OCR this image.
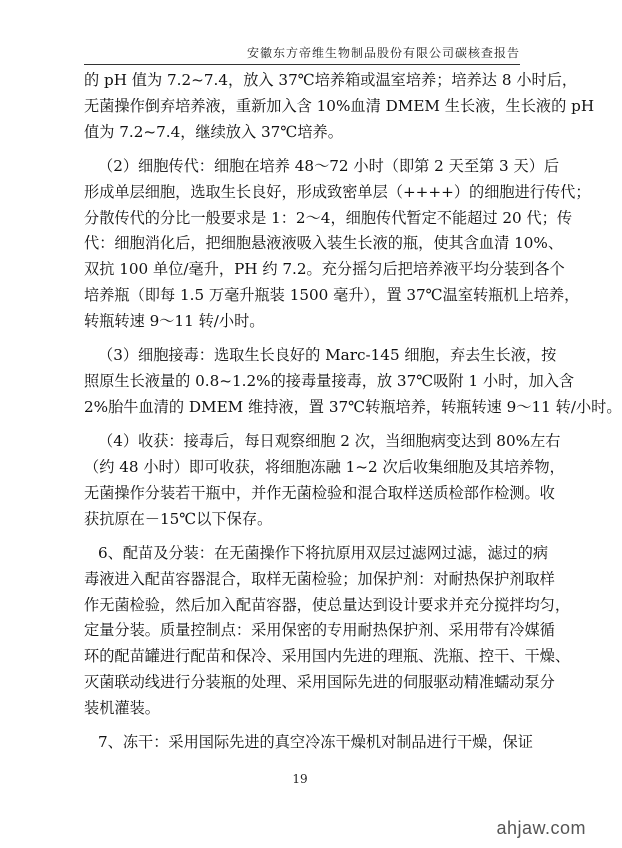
安徽东方帝维生物制品股份有限公司碳核查报告
的 pH 值为 7.2~7.4，放入 37℃培养箱或温室培养；培养达 8 小时后，
无菌操作倒弃培养液，重新加入含 10%血清 DMEM 生长液，生长液的 pH
值为 7.2~7.4，继续放入 37℃培养。
（2）细胞传代：细胞在培养 48～72 小时（即第 2 天至第 3 天）后
形成单层细胞，选取生长良好，形成致密单层（++++）的细胞进行传代；
分散传代的分比一般要求是 1：2～4，细胞传代暂定不能超过 20 代；传
代：细胞消化后，把细胞悬液液吸入装生长液的瓶，使其含血清 10%、
双抗 100 单位/毫升，PH 约 7.2。充分摇匀后把培养液平均分装到各个
培养瓶（即每 1.5 万毫升瓶装 1500 毫升），置 37℃温室转瓶机上培养，
转瓶转速 9～11 转/小时。
（3）细胞接毒：选取生长良好的 Marc-145 细胞，弃去生长液，按
照原生长液量的 0.8~1.2%的接毒量接毒，放 37℃吸附 1 小时，加入含
2%胎牛血清的 DMEM 维持液，置 37℃转瓶培养，转瓶转速 9～11 转/小时。
（4）收获：接毒后，每日观察细胞 2 次，当细胞病变达到 80%左右
（约 48 小时）即可收获，将细胞冻融 1~2 次后收集细胞及其培养物，
无菌操作分装若干瓶中，并作无菌检验和混合取样送质检部作检测。收
获抗原在－15℃以下保存。
6、配苗及分装：在无菌操作下将抗原用双层过滤网过滤，滤过的病
毒液进入配苗容器混合，取样无菌检验；加保护剂：对耐热保护剂取样
作无菌检验，然后加入配苗容器，使总量达到设计要求并充分搅拌均匀，
定量分装。质量控制点：采用保密的专用耐热保护剂、采用带有冷媒循
环的配苗罐进行配苗和保冷、采用国内先进的理瓶、洗瓶、控干、干燥、
灭菌联动线进行分装瓶的处理、采用国际先进的伺服驱动精准蠕动泵分
装机灌装。
7、冻干：采用国际先进的真空冷冻干燥机对制品进行干燥，保证
19
ahjaw.com
